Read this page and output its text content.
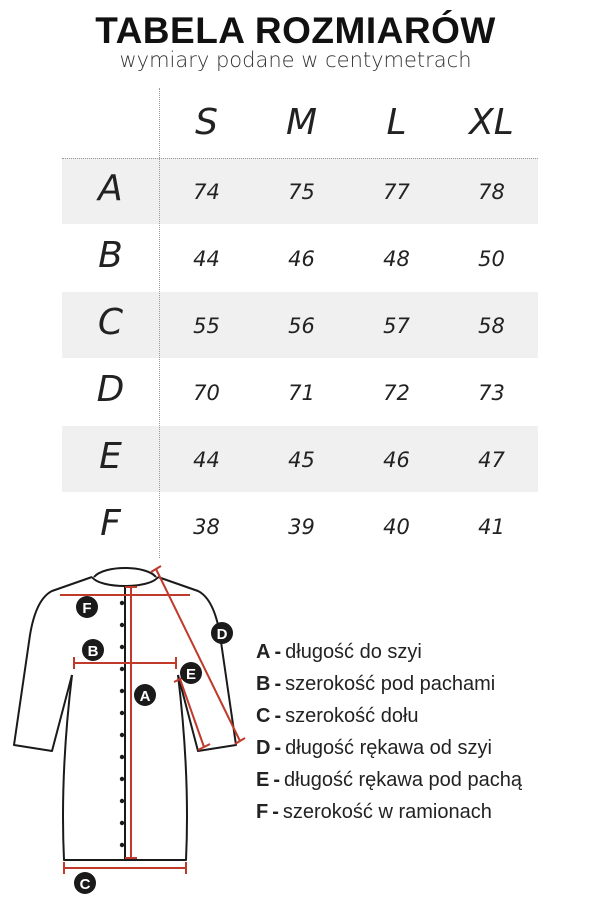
TABELA ROZMIARÓW
wymiary podane w centymetrach
S	M	L	XL
A	74	75	77	78
B	44	46	48	50
C	55	56	57	58
D	70	71	72	73
E	44	45	46	47
F	38	39	40	41
A
B
C
D
E
F
A - długość do szyi
B - szerokość pod pachami
C - szerokość dołu
D - długość rękawa od szyi
E - długość rękawa pod pachą
F - szerokość w ramionach
